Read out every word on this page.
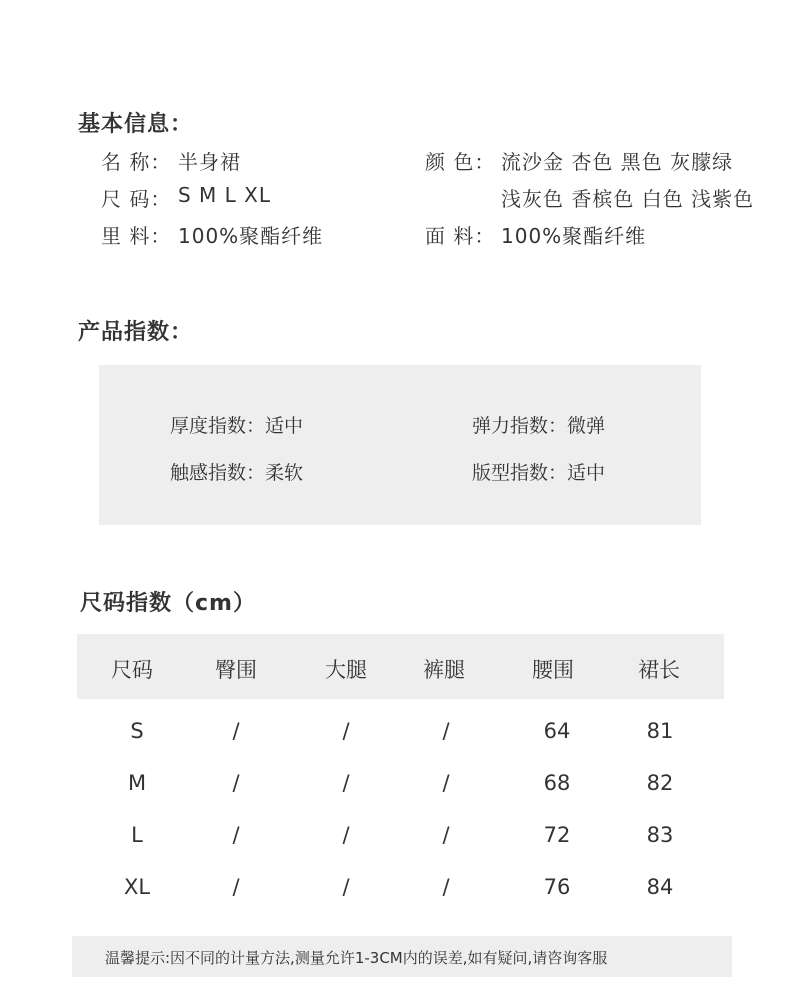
基本信息：
名 称： 半身裙
尺 码： S M L XL
里 料： 100%聚酯纤维
颜 色： 流沙金 杏色 黑色 灰朦绿
浅灰色 香槟色 白色 浅紫色
面 料： 100%聚酯纤维
产品指数：
厚度指数：适中	弹力指数：微弹
触感指数：柔软	版型指数：适中
尺码指数（cm）
尺码	臀围	大腿	裤腿	腰围	裙长
S	/	/	/	64	81
M	/	/	/	68	82
L	/	/	/	72	83
XL	/	/	/	76	84
温馨提示:因不同的计量方法,测量允许1-3CM内的误差,如有疑问,请咨询客服
